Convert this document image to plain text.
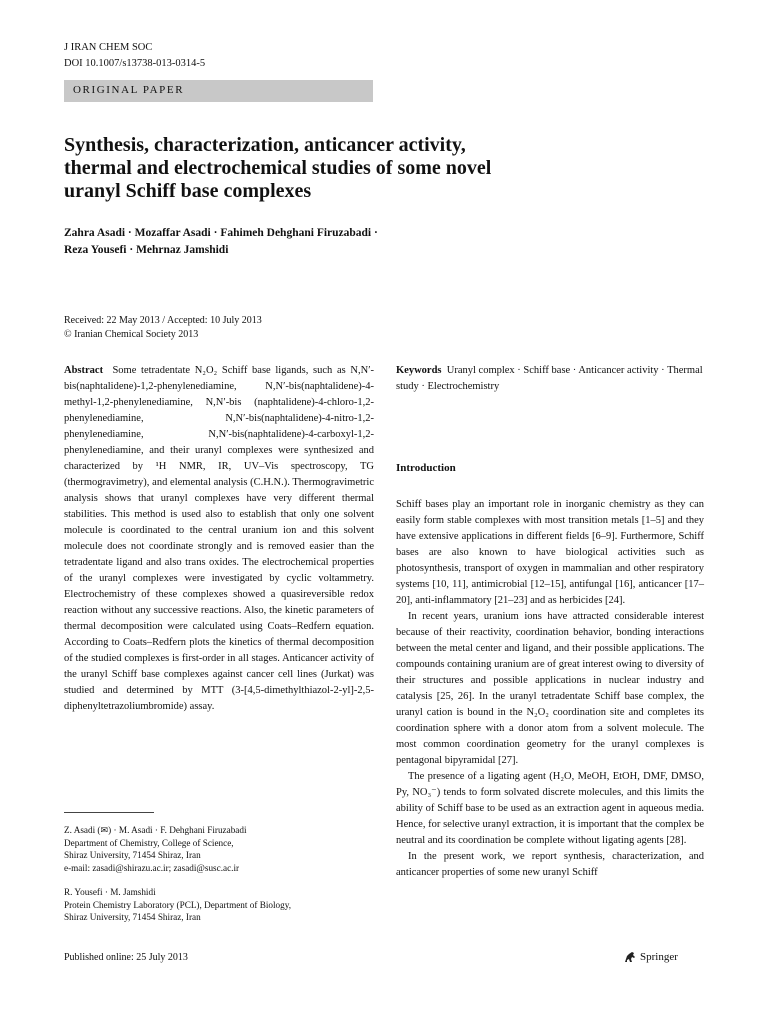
J IRAN CHEM SOC
DOI 10.1007/s13738-013-0314-5
ORIGINAL PAPER
Synthesis, characterization, anticancer activity, thermal and electrochemical studies of some novel uranyl Schiff base complexes
Zahra Asadi · Mozaffar Asadi · Fahimeh Dehghani Firuzabadi ·
Reza Yousefi · Mehrnaz Jamshidi
Received: 22 May 2013 / Accepted: 10 July 2013
© Iranian Chemical Society 2013

Abstract Some tetradentate N₂O₂ Schiff base ligands, such as N,N′-bis(naphtalidene)-1,2-phenylenediamine, N,N′-bis(naphtalidene)-4-methyl-1,2-phenylenediamine, N,N′-bis (naphtalidene)-4-chloro-1,2-phenylenediamine, N,N′-bis(naphtalidene)-4-nitro-1,2-phenylenediamine, N,N′-bis(naphtalidene)-4-carboxyl-1,2-phenylenediamine, and their uranyl complexes were synthesized and characterized by ¹H NMR, IR, UV–Vis spectroscopy, TG (thermogravimetry), and elemental analysis (C.H.N.). Thermogravimetric analysis shows that uranyl complexes have very different thermal stabilities. This method is used also to establish that only one solvent molecule is coordinated to the central uranium ion and this solvent molecule does not coordinate strongly and is removed easier than the tetradentate ligand and also trans oxides. The electrochemical properties of the uranyl complexes were investigated by cyclic voltammetry. Electrochemistry of these complexes showed a quasireversible redox reaction without any successive reactions. Also, the kinetic parameters of thermal decomposition were calculated using Coats–Redfern equation. According to Coats–Redfern plots the kinetics of thermal decomposition of the studied complexes is first-order in all stages. Anticancer activity of the uranyl Schiff base complexes against cancer cell lines (Jurkat) was studied and determined by MTT (3-[4,5-dimethylthiazol-2-yl]-2,5-diphenyltetrazoliumbromide) assay.

Keywords Uranyl complex · Schiff base · Anticancer activity · Thermal study · Electrochemistry

Introduction

Schiff bases play an important role in inorganic chemistry as they can easily form stable complexes with most transition metals [1–5] and they have extensive applications in different fields [6–9]. Furthermore, Schiff bases are also known to have biological activities such as photosynthesis, transport of oxygen in mammalian and other respiratory systems [10, 11], antimicrobial [12–15], antifungal [16], anticancer [17–20], anti-inflammatory [21–23] and as herbicides [24].

In recent years, uranium ions have attracted considerable interest because of their reactivity, coordination behavior, bonding interactions between the metal center and ligand, and their possible applications. The compounds containing uranium are of great interest owing to diversity of their structures and possible applications in nuclear industry and catalysis [25, 26]. In the uranyl tetradentate Schiff base complex, the uranyl cation is bound in the N₂O₂ coordination site and completes its coordination sphere with a donor atom from a solvent molecule. The most common coordination geometry for the uranyl complexes is pentagonal bipyramidal [27].

The presence of a ligating agent (H₂O, MeOH, EtOH, DMF, DMSO, Py, NO₃⁻) tends to form solvated discrete molecules, and this limits the ability of Schiff base to be used as an extraction agent in aqueous media. Hence, for selective uranyl extraction, it is important that the complex be neutral and its coordination be complete without ligating agents [28].

In the present work, we report synthesis, characterization, and anticancer properties of some new uranyl Schiff

Z. Asadi (✉) · M. Asadi · F. Dehghani Firuzabadi
Department of Chemistry, College of Science,
Shiraz University, 71454 Shiraz, Iran
e-mail: zasadi@shirazu.ac.ir; zasadi@susc.ac.ir
R. Yousefi · M. Jamshidi
Protein Chemistry Laboratory (PCL), Department of Biology,
Shiraz University, 71454 Shiraz, Iran
Published online: 25 July 2013	Springer
